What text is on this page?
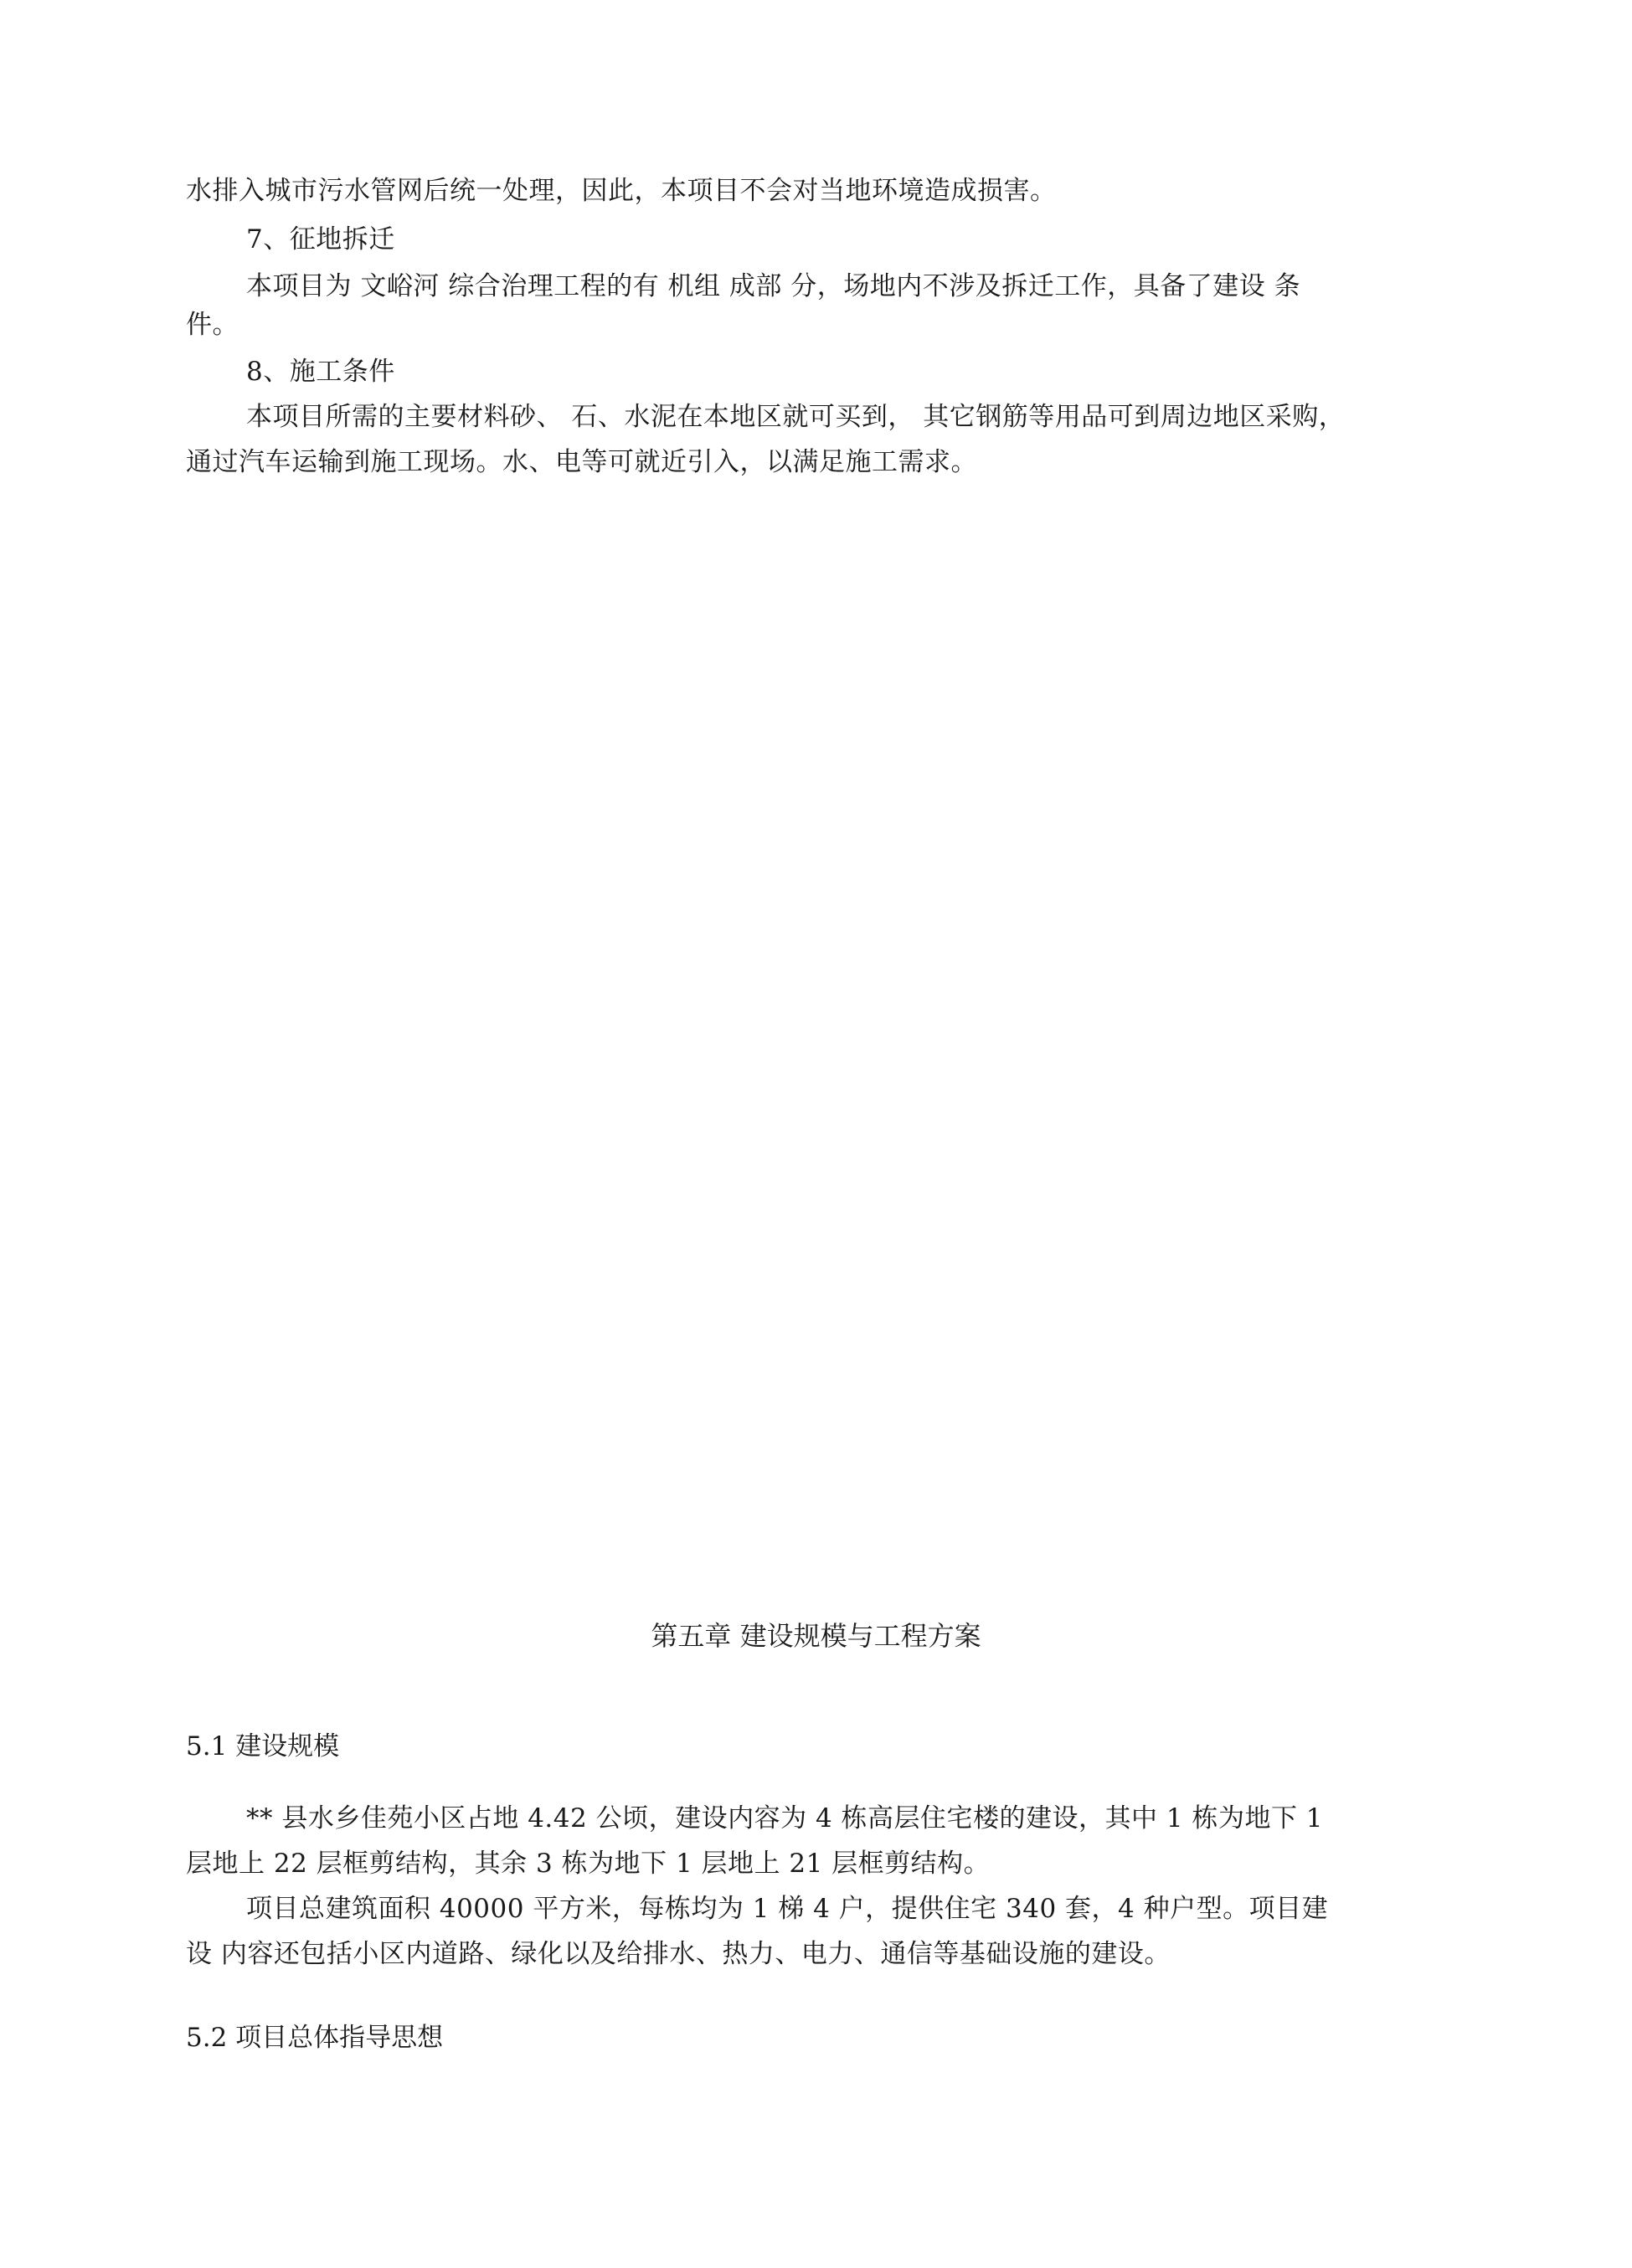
水排入城市污水管网后统一处理，因此，本项目不会对当地环境造成损害。
7、征地拆迁
本项目为 文峪河 综合治理工程的有 机组 成部 分，场地内不涉及拆迁工作，具备了建设 条
件。
8、施工条件
本项目所需的主要材料砂、 石、水泥在本地区就可买到， 其它钢筋等用品可到周边地区采购，
通过汽车运输到施工现场。水、电等可就近引入，以满足施工需求。
第五章 建设规模与工程方案
5.1 建设规模
** 县水乡佳苑小区占地 4.42 公顷，建设内容为 4 栋高层住宅楼的建设，其中 1 栋为地下 1
层地上 22 层框剪结构，其余 3 栋为地下 1 层地上 21 层框剪结构。
项目总建筑面积 40000 平方米，每栋均为 1 梯 4 户，提供住宅 340 套，4 种户型。项目建
设 内容还包括小区内道路、绿化以及给排水、热力、电力、通信等基础设施的建设。
5.2 项目总体指导思想
